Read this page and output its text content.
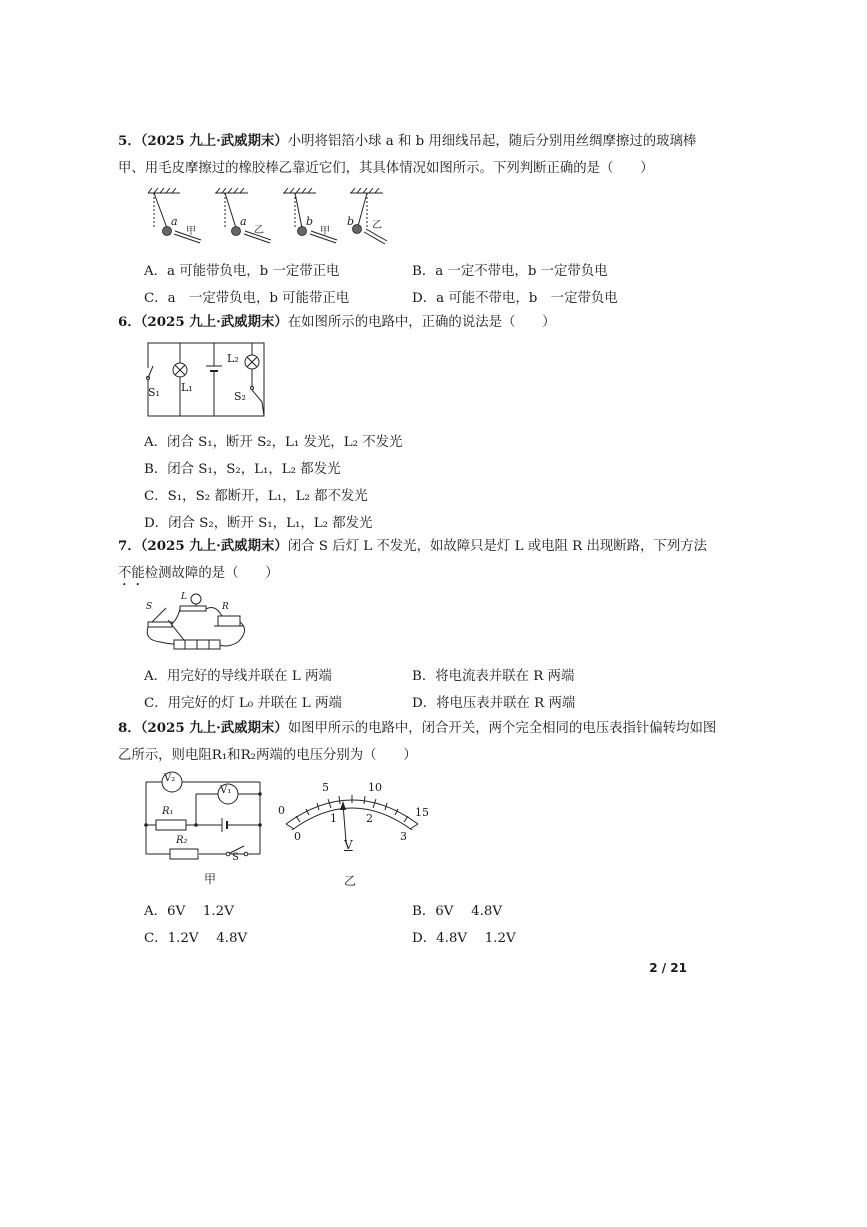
5．（2025 九上·武威期末）小明将铝箔小球 a 和 b 用细线吊起，随后分别用丝绸摩擦过的玻璃棒甲、用毛皮摩擦过的橡胶棒乙靠近它们，其具体情况如图所示。下列判断正确的是（　　）
a
甲
a
乙
b
甲
b 乙
A．a 可能带负电，b 一定带正电	B．a 一定不带电，b 一定带负电
C．a　一定带负电，b 可能带正电	D．a 可能不带电，b　一定带负电
6．（2025 九上·武威期末）在如图所示的电路中，正确的说法是（　　）
S₁ L₁
L₂
S₂
A．闭合 S₁，断开 S₂，L₁ 发光，L₂ 不发光
B．闭合 S₁，S₂，L₁，L₂ 都发光
C．S₁，S₂ 都断开，L₁，L₂ 都不发光
D．闭合 S₂，断开 S₁，L₁，L₂ 都发光
7．（2025 九上·武威期末）闭合 S 后灯 L 不发光，如故障只是灯 L 或电阻 R 出现断路，下列方法不能检测故障的是（　　）
S
L
R
A．用完好的导线并联在 L 两端	B．将电流表并联在 R 两端
C．用完好的灯 L₀ 并联在 L 两端	D．将电压表并联在 R 两端
8．（2025 九上·武威期末）如图甲所示的电路中，闭合开关，两个完全相同的电压表指针偏转均如图乙所示，则电阻R₁和R₂两端的电压分别为（　　）
V₂
V₁
R₁
R₂
S
甲
0
5	10
15
0
1	2
3
V
乙
A．6V　 1.2V	B．6V　 4.8V
C．1.2V　 4.8V	D．4.8V　 1.2V
2 / 21
